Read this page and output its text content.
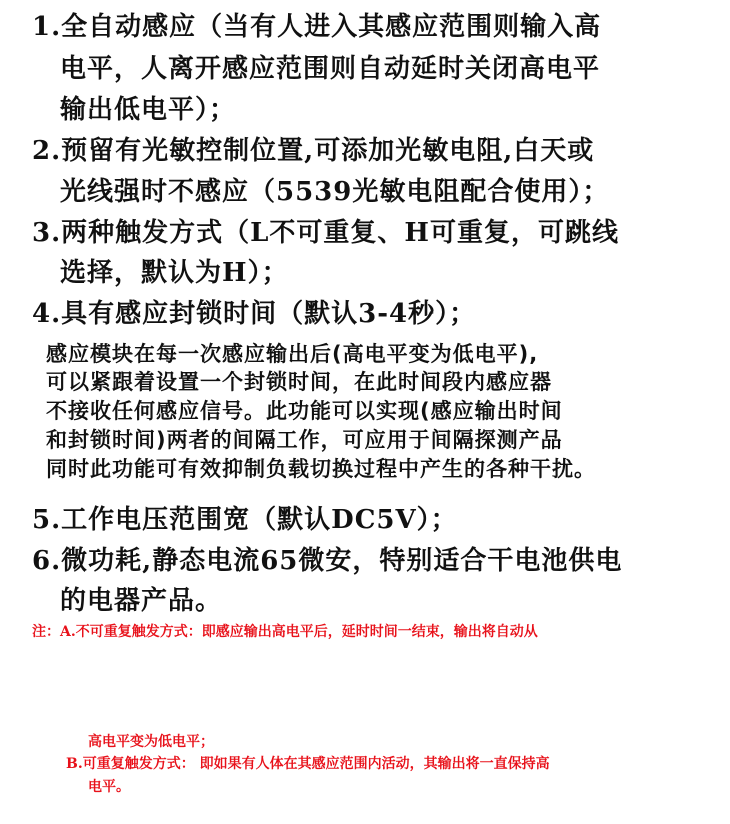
1.全自动感应（当有人进入其感应范围则输入高
电平，人离开感应范围则自动延时关闭高电平
输出低电平）；
2.预留有光敏控制位置,可添加光敏电阻,白天或
光线强时不感应（5539光敏电阻配合使用）；
3.两种触发方式（L不可重复、H可重复，可跳线
选择，默认为H）；
4.具有感应封锁时间（默认3-4秒）；
感应模块在每一次感应输出后(高电平变为低电平),
可以紧跟着设置一个封锁时间，在此时间段内感应器
不接收任何感应信号。此功能可以实现(感应输出时间
和封锁时间)两者的间隔工作，可应用于间隔探测产品
同时此功能可有效抑制负载切换过程中产生的各种干扰。
5.工作电压范围宽（默认DC5V）；
6.微功耗,静态电流65微安，特别适合干电池供电
的电器产品。
注：A.不可重复触发方式：即感应输出高电平后，延时时间一结束，输出将自动从
高电平变为低电平；
B.可重复触发方式： 即如果有人体在其感应范围内活动，其输出将一直保持高
电平。
